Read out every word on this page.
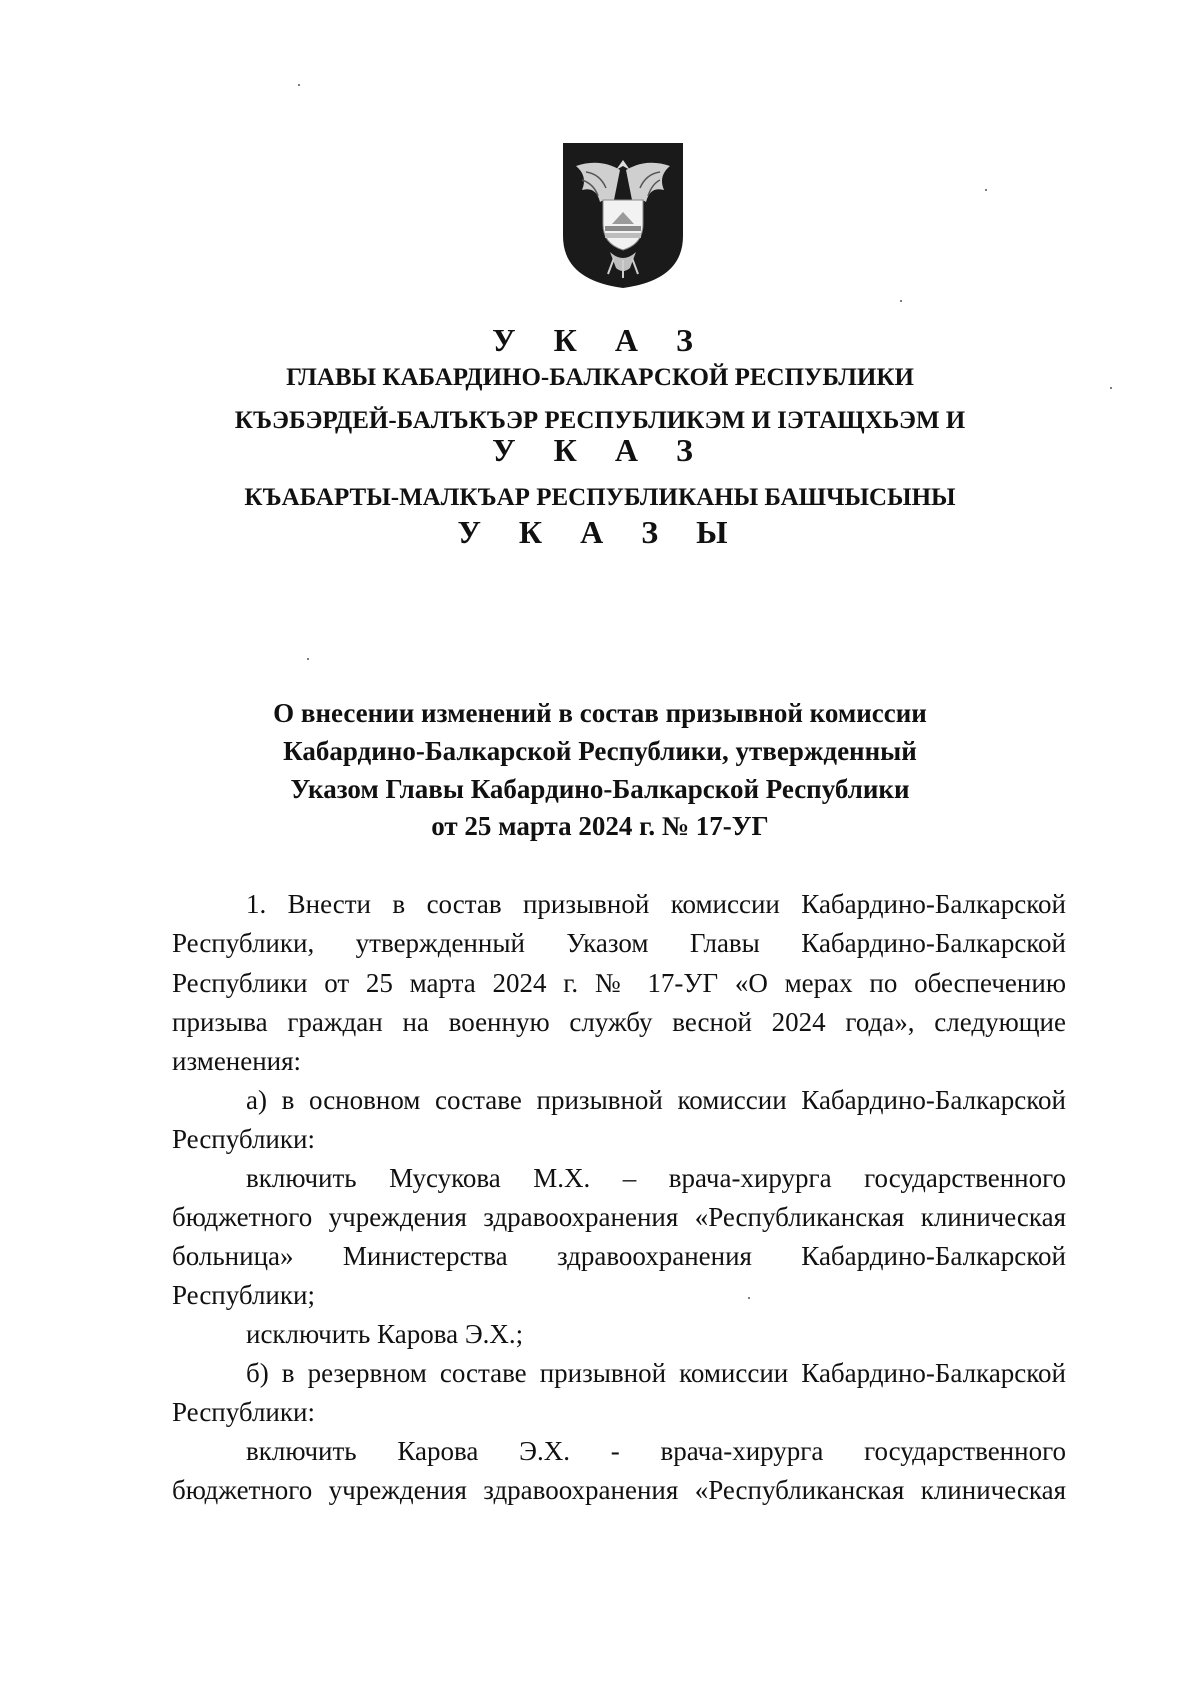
У К А З
ГЛАВЫ КАБАРДИНО-БАЛКАРСКОЙ РЕСПУБЛИКИ
КЪЭБЭРДЕЙ-БАЛЪКЪЭР РЕСПУБЛИКЭМ И IЭТАЩХЬЭМ И
У К А З
КЪАБАРТЫ-МАЛКЪАР РЕСПУБЛИКАНЫ БАШЧЫСЫНЫ
У К А З Ы
О внесении изменений в состав призывной комиссии
Кабардино-Балкарской Республики, утвержденный
Указом Главы Кабардино-Балкарской Республики
от 25 марта 2024 г. № 17-УГ
1. Внести в состав призывной комиссии Кабардино-Балкарской
Республики, утвержденный Указом Главы Кабардино-Балкарской
Республики от 25 марта 2024 г. № 17-УГ «О мерах по обеспечению
призыва граждан на военную службу весной 2024 года», следующие
изменения:
а) в основном составе призывной комиссии Кабардино-Балкарской
Республики:
включить Мусукова М.Х. – врача-хирурга государственного
бюджетного учреждения здравоохранения «Республиканская клиническая
больница» Министерства здравоохранения Кабардино-Балкарской
Республики;
исключить Карова Э.Х.;
б) в резервном составе призывной комиссии Кабардино-Балкарской
Республики:
включить Карова Э.Х. - врача-хирурга государственного
бюджетного учреждения здравоохранения «Республиканская клиническая
